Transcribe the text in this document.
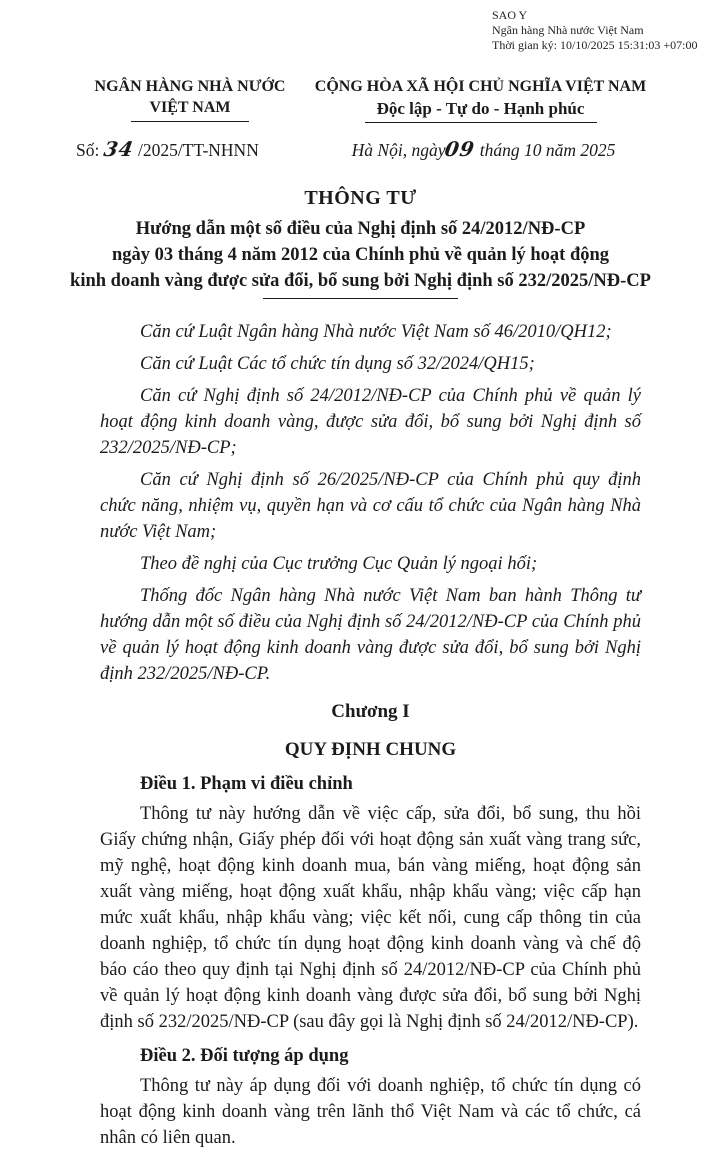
SAO Y
Ngân hàng Nhà nước Việt Nam
Thời gian ký: 10/10/2025 15:31:03 +07:00
NGÂN HÀNG NHÀ NƯỚC
VIỆT NAM
CỘNG HÒA XÃ HỘI CHỦ NGHĨA VIỆT NAM
Độc lập - Tự do - Hạnh phúc
Số: 34 /2025/TT-NHNN	Hà Nội, ngày09 tháng 10 năm 2025
THÔNG TƯ
Hướng dẫn một số điều của Nghị định số 24/2012/NĐ-CP
ngày 03 tháng 4 năm 2012 của Chính phủ về quản lý hoạt động
kinh doanh vàng được sửa đổi, bổ sung bởi Nghị định số 232/2025/NĐ-CP

Căn cứ Luật Ngân hàng Nhà nước Việt Nam số 46/2010/QH12;

Căn cứ Luật Các tổ chức tín dụng số 32/2024/QH15;

Căn cứ Nghị định số 24/2012/NĐ-CP của Chính phủ về quản lý hoạt động kinh doanh vàng, được sửa đổi, bổ sung bởi Nghị định số 232/2025/NĐ-CP;

Căn cứ Nghị định số 26/2025/NĐ-CP của Chính phủ quy định chức năng, nhiệm vụ, quyền hạn và cơ cấu tổ chức của Ngân hàng Nhà nước Việt Nam;

Theo đề nghị của Cục trưởng Cục Quản lý ngoại hối;

Thống đốc Ngân hàng Nhà nước Việt Nam ban hành Thông tư hướng dẫn một số điều của Nghị định số 24/2012/NĐ-CP của Chính phủ về quản lý hoạt động kinh doanh vàng được sửa đổi, bổ sung bởi Nghị định 232/2025/NĐ-CP.

Chương I

QUY ĐỊNH CHUNG

Điều 1. Phạm vi điều chỉnh

Thông tư này hướng dẫn về việc cấp, sửa đổi, bổ sung, thu hồi Giấy chứng nhận, Giấy phép đối với hoạt động sản xuất vàng trang sức, mỹ nghệ, hoạt động kinh doanh mua, bán vàng miếng, hoạt động sản xuất vàng miếng, hoạt động xuất khẩu, nhập khẩu vàng; việc cấp hạn mức xuất khẩu, nhập khẩu vàng; việc kết nối, cung cấp thông tin của doanh nghiệp, tổ chức tín dụng hoạt động kinh doanh vàng và chế độ báo cáo theo quy định tại Nghị định số 24/2012/NĐ-CP của Chính phủ về quản lý hoạt động kinh doanh vàng được sửa đổi, bổ sung bởi Nghị định số 232/2025/NĐ-CP (sau đây gọi là Nghị định số 24/2012/NĐ-CP).

Điều 2. Đối tượng áp dụng

Thông tư này áp dụng đối với doanh nghiệp, tổ chức tín dụng có hoạt động kinh doanh vàng trên lãnh thổ Việt Nam và các tổ chức, cá nhân có liên quan.
